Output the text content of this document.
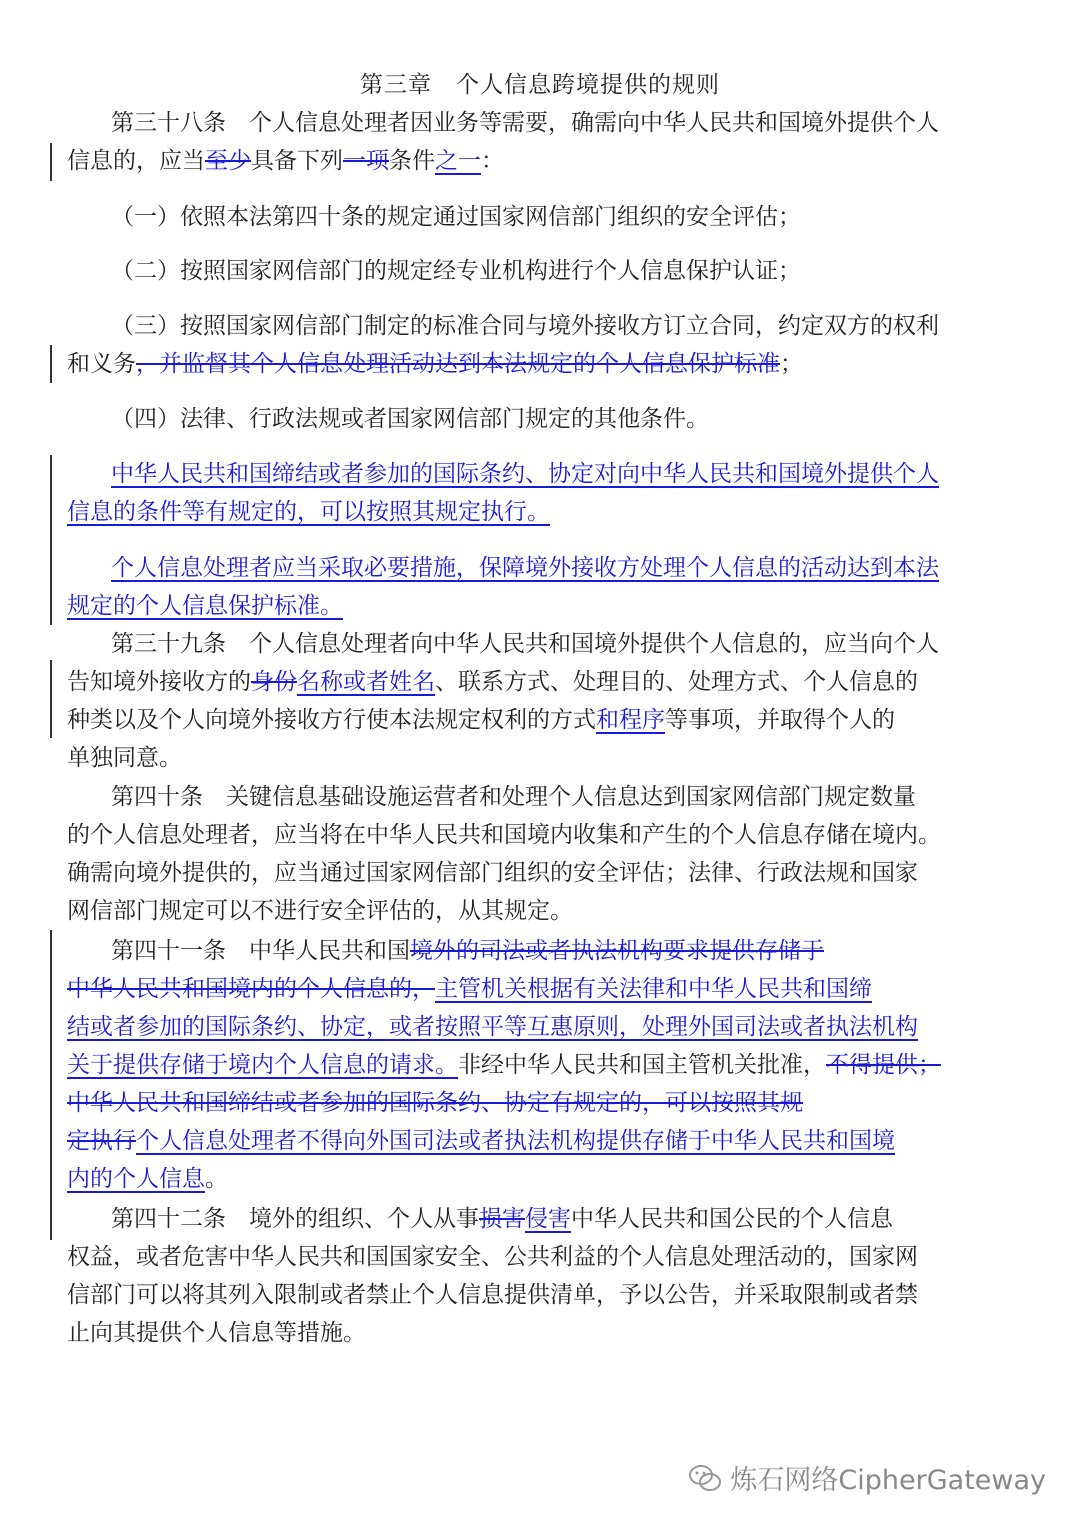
第三章　个人信息跨境提供的规则

第三十八条　个人信息处理者因业务等需要，确需向中华人民共和国境外提供个人
信息的，应当至少具备下列一项条件之一：

（一）依照本法第四十条的规定通过国家网信部门组织的安全评估；

（二）按照国家网信部门的规定经专业机构进行个人信息保护认证；

（三）按照国家网信部门制定的标准合同与境外接收方订立合同，约定双方的权利
和义务，并监督其个人信息处理活动达到本法规定的个人信息保护标准；

（四）法律、行政法规或者国家网信部门规定的其他条件。

中华人民共和国缔结或者参加的国际条约、协定对向中华人民共和国境外提供个人
信息的条件等有规定的，可以按照其规定执行。

个人信息处理者应当采取必要措施，保障境外接收方处理个人信息的活动达到本法
规定的个人信息保护标准。

第三十九条　个人信息处理者向中华人民共和国境外提供个人信息的，应当向个人
告知境外接收方的身份名称或者姓名、联系方式、处理目的、处理方式、个人信息的
种类以及个人向境外接收方行使本法规定权利的方式和程序等事项，并取得个人的
单独同意。

第四十条　关键信息基础设施运营者和处理个人信息达到国家网信部门规定数量
的个人信息处理者，应当将在中华人民共和国境内收集和产生的个人信息存储在境内。
确需向境外提供的，应当通过国家网信部门组织的安全评估；法律、行政法规和国家
网信部门规定可以不进行安全评估的，从其规定。

第四十一条　中华人民共和国境外的司法或者执法机构要求提供存储于
中华人民共和国境内的个人信息的，主管机关根据有关法律和中华人民共和国缔
结或者参加的国际条约、协定，或者按照平等互惠原则，处理外国司法或者执法机构
关于提供存储于境内个人信息的请求。非经中华人民共和国主管机关批准，不得提供；
中华人民共和国缔结或者参加的国际条约、协定有规定的，可以按照其规
定执行个人信息处理者不得向外国司法或者执法机构提供存储于中华人民共和国境
内的个人信息。

第四十二条　境外的组织、个人从事损害侵害中华人民共和国公民的个人信息
权益，或者危害中华人民共和国国家安全、公共利益的个人信息处理活动的，国家网
信部门可以将其列入限制或者禁止个人信息提供清单，予以公告，并采取限制或者禁
止向其提供个人信息等措施。

炼石网络CipherGateway
